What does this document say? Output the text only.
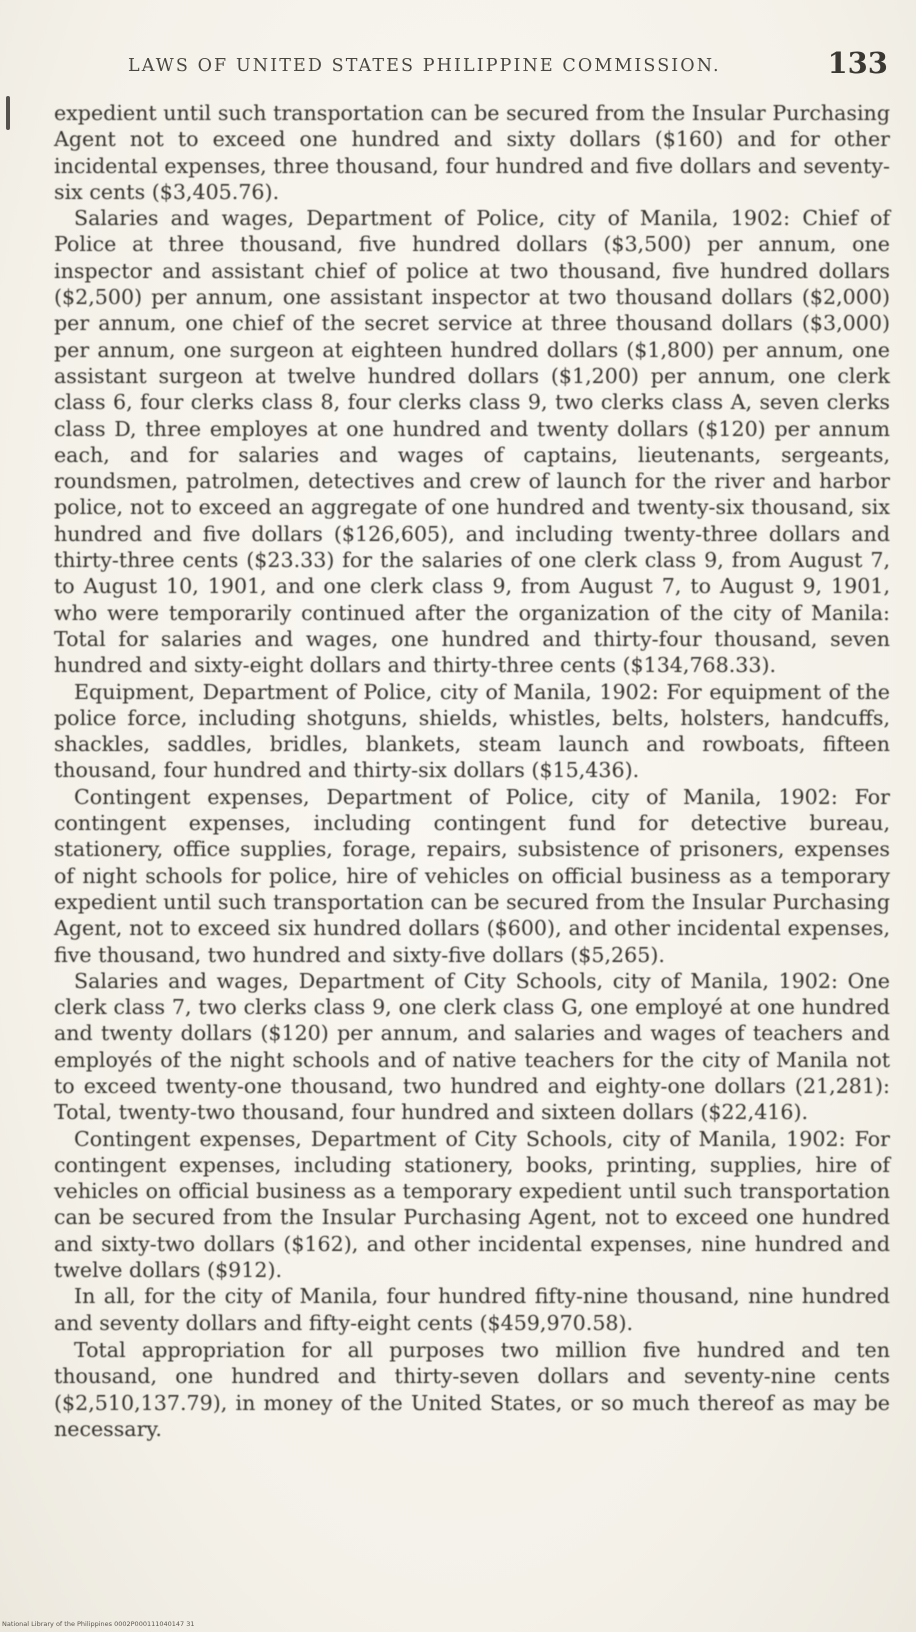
LAWS OF UNITED STATES PHILIPPINE COMMISSION.	133

expedient until such transportation can be secured from the Insular Purchasing Agent not to exceed one hundred and sixty dollars ($160) and for other incidental expenses, three thousand, four hundred and five dollars and seventy-six cents ($3,405.76).

Salaries and wages, Department of Police, city of Manila, 1902: Chief of Police at three thousand, five hundred dollars ($3,500) per annum, one inspector and assistant chief of police at two thousand, five hundred dollars ($2,500) per annum, one assistant inspector at two thousand dollars ($2,000) per annum, one chief of the secret service at three thousand dollars ($3,000) per annum, one surgeon at eighteen hundred dollars ($1,800) per annum, one assistant surgeon at twelve hundred dollars ($1,200) per annum, one clerk class 6, four clerks class 8, four clerks class 9, two clerks class A, seven clerks class D, three employes at one hundred and twenty dollars ($120) per annum each, and for salaries and wages of captains, lieutenants, sergeants, roundsmen, patrolmen, detectives and crew of launch for the river and harbor police, not to exceed an aggregate of one hundred and twenty-six thousand, six hundred and five dollars ($126,605), and including twenty-three dollars and thirty-three cents ($23.33) for the salaries of one clerk class 9, from August 7, to August 10, 1901, and one clerk class 9, from August 7, to August 9, 1901, who were temporarily continued after the organization of the city of Manila: Total for salaries and wages, one hundred and thirty-four thousand, seven hundred and sixty-eight dollars and thirty-three cents ($134,768.33).

Equipment, Department of Police, city of Manila, 1902: For equipment of the police force, including shotguns, shields, whistles, belts, holsters, handcuffs, shackles, saddles, bridles, blankets, steam launch and rowboats, fifteen thousand, four hundred and thirty-six dollars ($15,436).

Contingent expenses, Department of Police, city of Manila, 1902: For contingent expenses, including contingent fund for detective bureau, stationery, office supplies, forage, repairs, subsistence of prisoners, expenses of night schools for police, hire of vehicles on official business as a temporary expedient until such transportation can be secured from the Insular Purchasing Agent, not to exceed six hundred dollars ($600), and other incidental expenses, five thousand, two hundred and sixty-five dollars ($5,265).

Salaries and wages, Department of City Schools, city of Manila, 1902: One clerk class 7, two clerks class 9, one clerk class G, one employé at one hundred and twenty dollars ($120) per annum, and salaries and wages of teachers and employés of the night schools and of native teachers for the city of Manila not to exceed twenty-one thousand, two hundred and eighty-one dollars (21,281): Total, twenty-two thousand, four hundred and sixteen dollars ($22,416).

Contingent expenses, Department of City Schools, city of Manila, 1902: For contingent expenses, including stationery, books, printing, supplies, hire of vehicles on official business as a temporary expedient until such transportation can be secured from the Insular Purchasing Agent, not to exceed one hundred and sixty-two dollars ($162), and other incidental expenses, nine hundred and twelve dollars ($912).

In all, for the city of Manila, four hundred fifty-nine thousand, nine hundred and seventy dollars and fifty-eight cents ($459,970.58).

Total appropriation for all purposes two million five hundred and ten thousand, one hundred and thirty-seven dollars and seventy-nine cents ($2,510,137.79), in money of the United States, or so much thereof as may be necessary.

National Library of the Philippines 0002P000111040147 31
